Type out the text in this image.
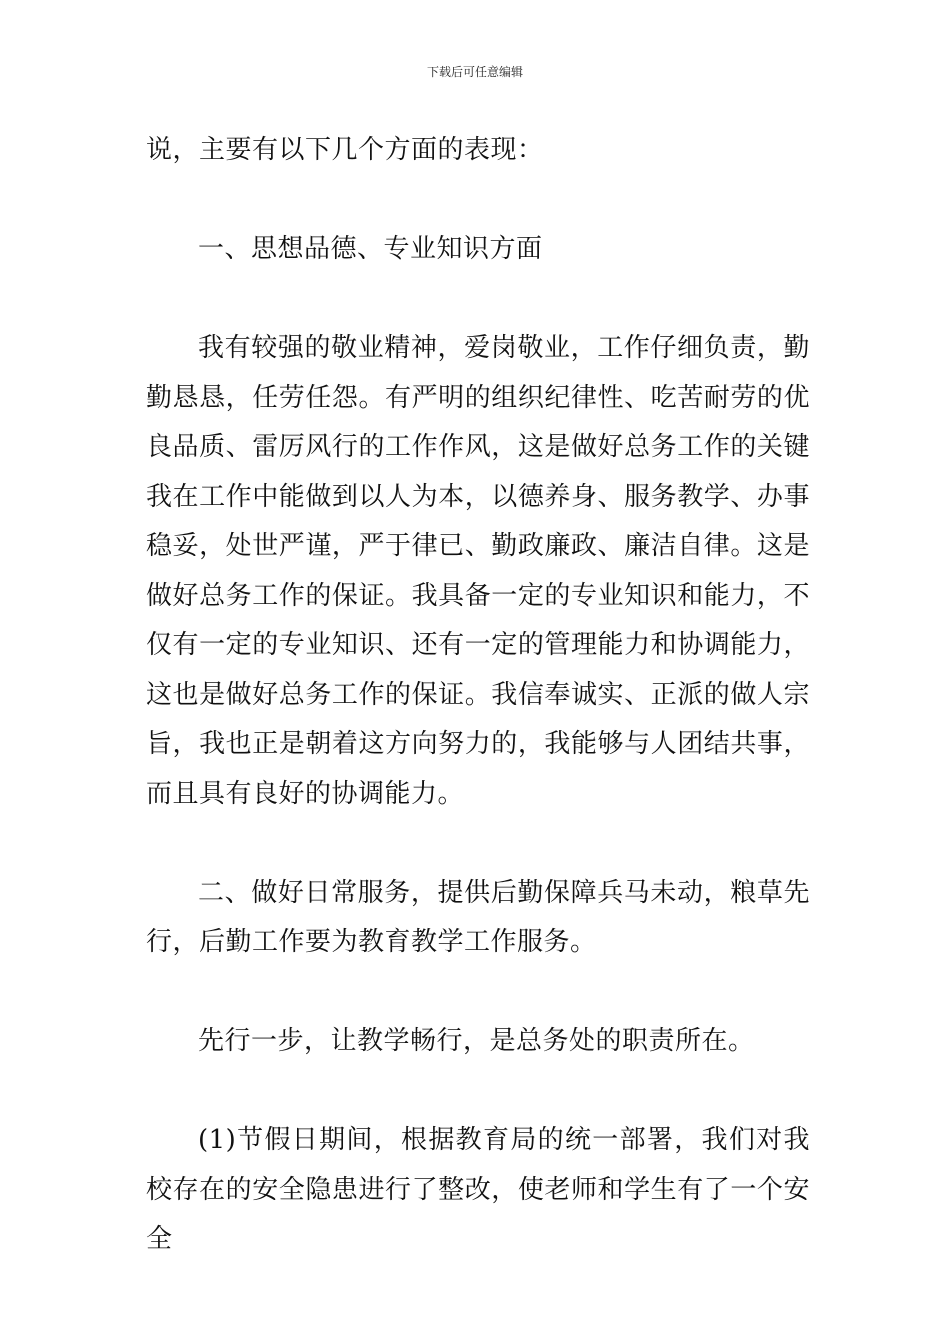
下载后可任意编辑

说，主要有以下几个方面的表现：

一、思想品德、专业知识方面

我有较强的敬业精神，爱岗敬业，工作仔细负责，勤勤恳恳，任劳任怨。有严明的组织纪律性、吃苦耐劳的优良品质、雷厉风行的工作作风，这是做好总务工作的关键我在工作中能做到以人为本，以德养身、服务教学、办事稳妥，处世严谨，严于律已、勤政廉政、廉洁自律。这是做好总务工作的保证。我具备一定的专业知识和能力，不仅有一定的专业知识、还有一定的管理能力和协调能力，这也是做好总务工作的保证。我信奉诚实、正派的做人宗旨，我也正是朝着这方向努力的，我能够与人团结共事，而且具有良好的协调能力。

二、做好日常服务，提供后勤保障兵马未动，粮草先行，后勤工作要为教育教学工作服务。

先行一步，让教学畅行，是总务处的职责所在。

(1)节假日期间，根据教育局的统一部署，我们对我校存在的安全隐患进行了整改，使老师和学生有了一个安全
